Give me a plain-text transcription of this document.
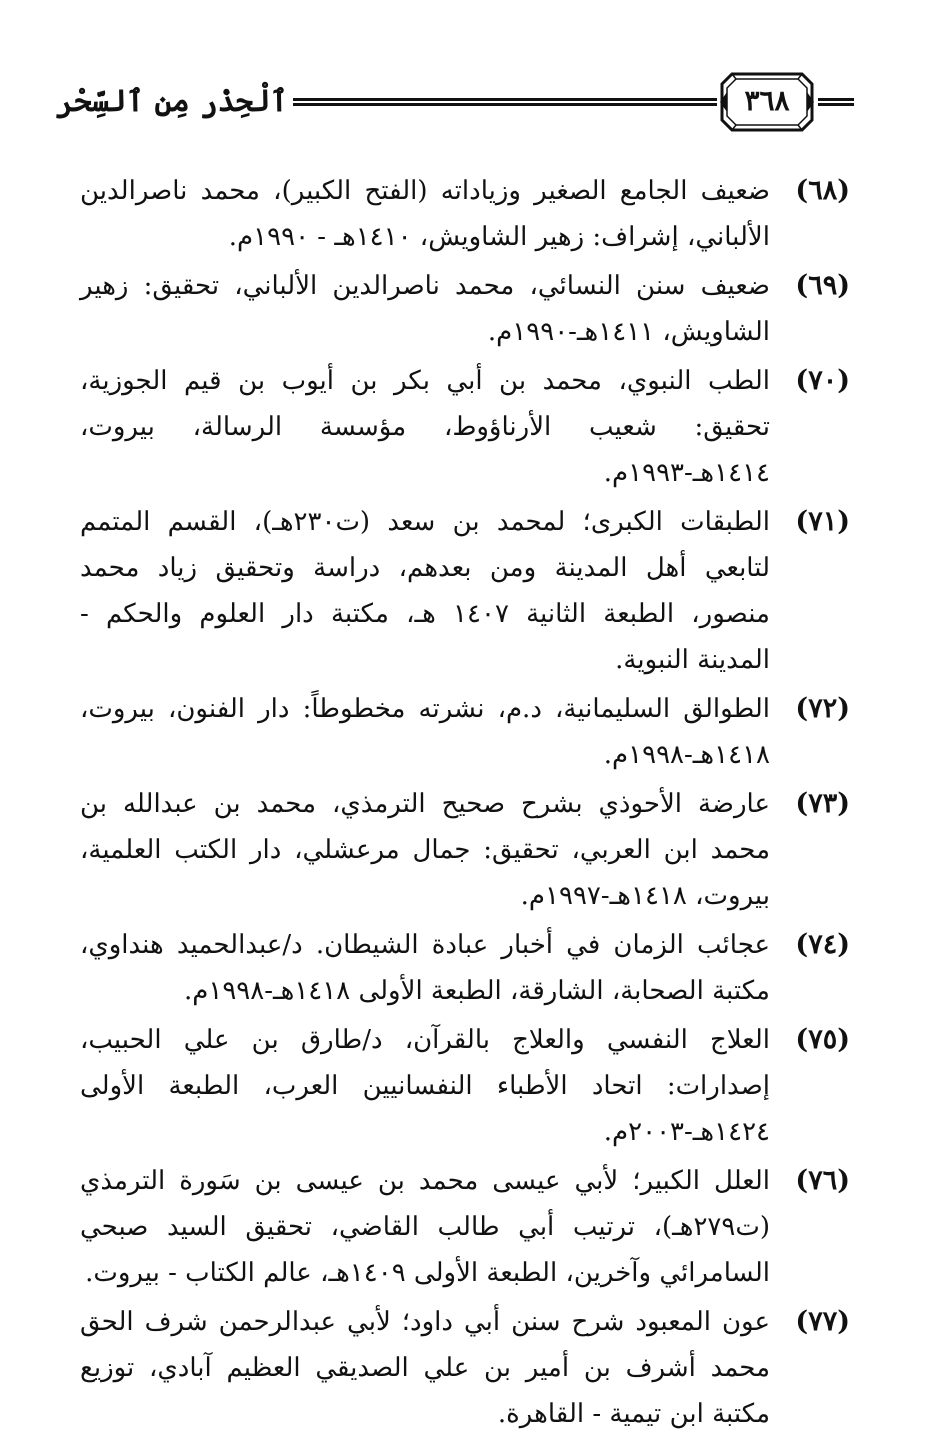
ٱلْحِذْر مِن ٱلسِّحْر	٣٦٨
(٦٨)
ضعيف الجامع الصغير وزياداته (الفتح الكبير)، محمد ناصرالدين الألباني، إشراف: زهير الشاويش، ١٤١٠هـ - ١٩٩٠م.
(٦٩)
ضعيف سنن النسائي، محمد ناصرالدين الألباني، تحقيق: زهير الشاويش، ١٤١١هـ-١٩٩٠م.
(٧٠)
الطب النبوي، محمد بن أبي بكر بن أيوب بن قيم الجوزية، تحقيق: شعيب الأرناؤوط، مؤسسة الرسالة، بيروت، ١٤١٤هـ-١٩٩٣م.
(٧١)
الطبقات الكبرى؛ لمحمد بن سعد (ت٢٣٠هـ)، القسم المتمم لتابعي أهل المدينة ومن بعدهم، دراسة وتحقيق زياد محمد منصور، الطبعة الثانية ١٤٠٧ هـ، مكتبة دار العلوم والحكم - المدينة النبوية.
(٧٢)
الطوالق السليمانية، د.م، نشرته مخطوطاً: دار الفنون، بيروت، ١٤١٨هـ-١٩٩٨م.
(٧٣)
عارضة الأحوذي بشرح صحيح الترمذي، محمد بن عبدالله بن محمد ابن العربي، تحقيق: جمال مرعشلي، دار الكتب العلمية، بيروت، ١٤١٨هـ-١٩٩٧م.
(٧٤)
عجائب الزمان في أخبار عبادة الشيطان. د/عبدالحميد هنداوي، مكتبة الصحابة، الشارقة، الطبعة الأولى ١٤١٨هـ-١٩٩٨م.
(٧٥)
العلاج النفسي والعلاج بالقرآن، د/طارق بن علي الحبيب، إصدارات: اتحاد الأطباء النفسانيين العرب، الطبعة الأولى ١٤٢٤هـ-٢٠٠٣م.
(٧٦)
العلل الكبير؛ لأبي عيسى محمد بن عيسى بن سَورة الترمذي (ت٢٧٩هـ)، ترتيب أبي طالب القاضي، تحقيق السيد صبحي السامرائي وآخرين، الطبعة الأولى ١٤٠٩هـ، عالم الكتاب - بيروت.
(٧٧)
عون المعبود شرح سنن أبي داود؛ لأبي عبدالرحمن شرف الحق محمد أشرف بن أمير بن علي الصديقي العظيم آبادي، توزيع مكتبة ابن تيمية - القاهرة.
